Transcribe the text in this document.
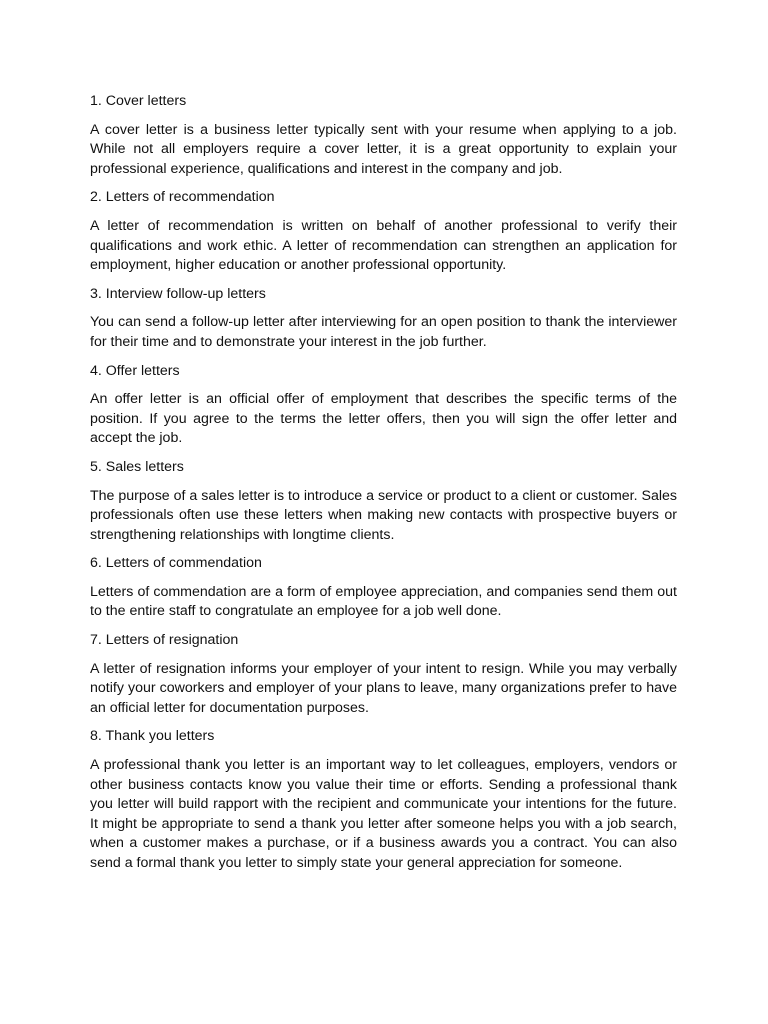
1. Cover letters

A cover letter is a business letter typically sent with your resume when applying to a job. While not all employers require a cover letter, it is a great opportunity to explain your professional experience, qualifications and interest in the company and job.

2. Letters of recommendation

A letter of recommendation is written on behalf of another professional to verify their qualifications and work ethic. A letter of recommendation can strengthen an application for employment, higher education or another professional opportunity.

3. Interview follow-up letters

You can send a follow-up letter after interviewing for an open position to thank the interviewer for their time and to demonstrate your interest in the job further.

4. Offer letters

An offer letter is an official offer of employment that describes the specific terms of the position. If you agree to the terms the letter offers, then you will sign the offer letter and accept the job.

5. Sales letters

The purpose of a sales letter is to introduce a service or product to a client or customer. Sales professionals often use these letters when making new contacts with prospective buyers or strengthening relationships with longtime clients.

6. Letters of commendation

Letters of commendation are a form of employee appreciation, and companies send them out to the entire staff to congratulate an employee for a job well done.

7. Letters of resignation

A letter of resignation informs your employer of your intent to resign. While you may verbally notify your coworkers and employer of your plans to leave, many organizations prefer to have an official letter for documentation purposes.

8. Thank you letters

A professional thank you letter is an important way to let colleagues, employers, vendors or other business contacts know you value their time or efforts. Sending a professional thank you letter will build rapport with the recipient and communicate your intentions for the future. It might be appropriate to send a thank you letter after someone helps you with a job search, when a customer makes a purchase, or if a business awards you a contract. You can also send a formal thank you letter to simply state your general appreciation for someone.
